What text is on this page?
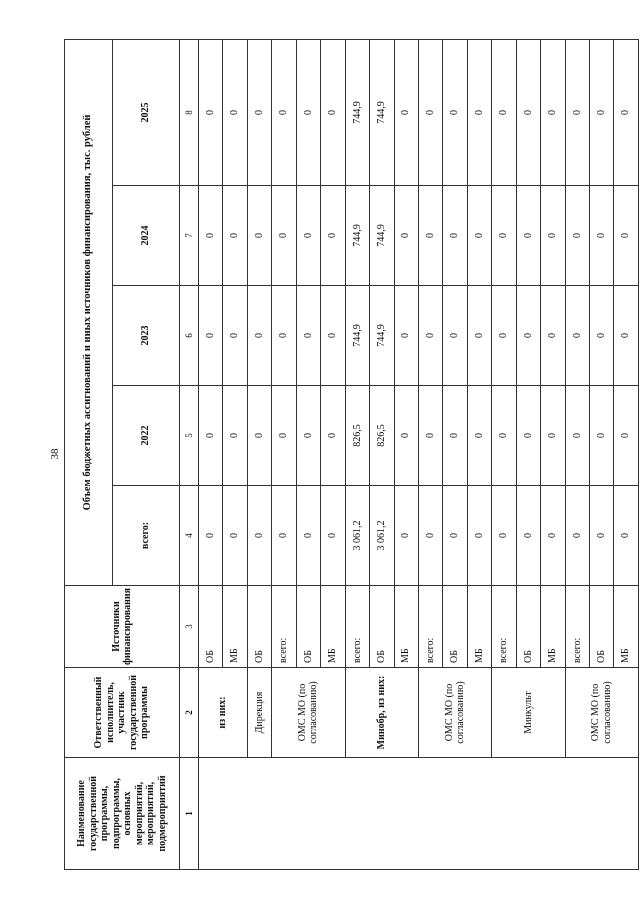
38
Наименование государственной программы, подпрограммы, основных мероприятий, мероприятий, подмероприятий	Ответственный исполнитель, участник государственной программы	Источники финансирования	Объем бюджетных ассигнований и иных источников финансирования, тыс. рублей				
			всего:	2022	2023	2024	2025
1	2	3	4	5	6	7	8
	из них:	ОБ	0	0	0	0	0
		МБ	0	0	0	0	0
	Дирекция	ОБ	0	0	0	0	0
	ОМС МО (по согласованию)	всего:	0	0	0	0	0
		ОБ	0	0	0	0	0
		МБ	0	0	0	0	0
	Минобр, из них:	всего:	3 061,2	826,5	744,9	744,9	744,9
		ОБ	3 061,2	826,5	744,9	744,9	744,9
		МБ	0	0	0	0	0
	ОМС МО (по согласованию)	всего:	0	0	0	0	0
		ОБ	0	0	0	0	0
		МБ	0	0	0	0	0
	Минкульт	всего:	0	0	0	0	0
		ОБ	0	0	0	0	0
		МБ	0	0	0	0	0
	ОМС МО (по согласованию)	всего:	0	0	0	0	0
		ОБ	0	0	0	0	0
		МБ	0	0	0	0	0
